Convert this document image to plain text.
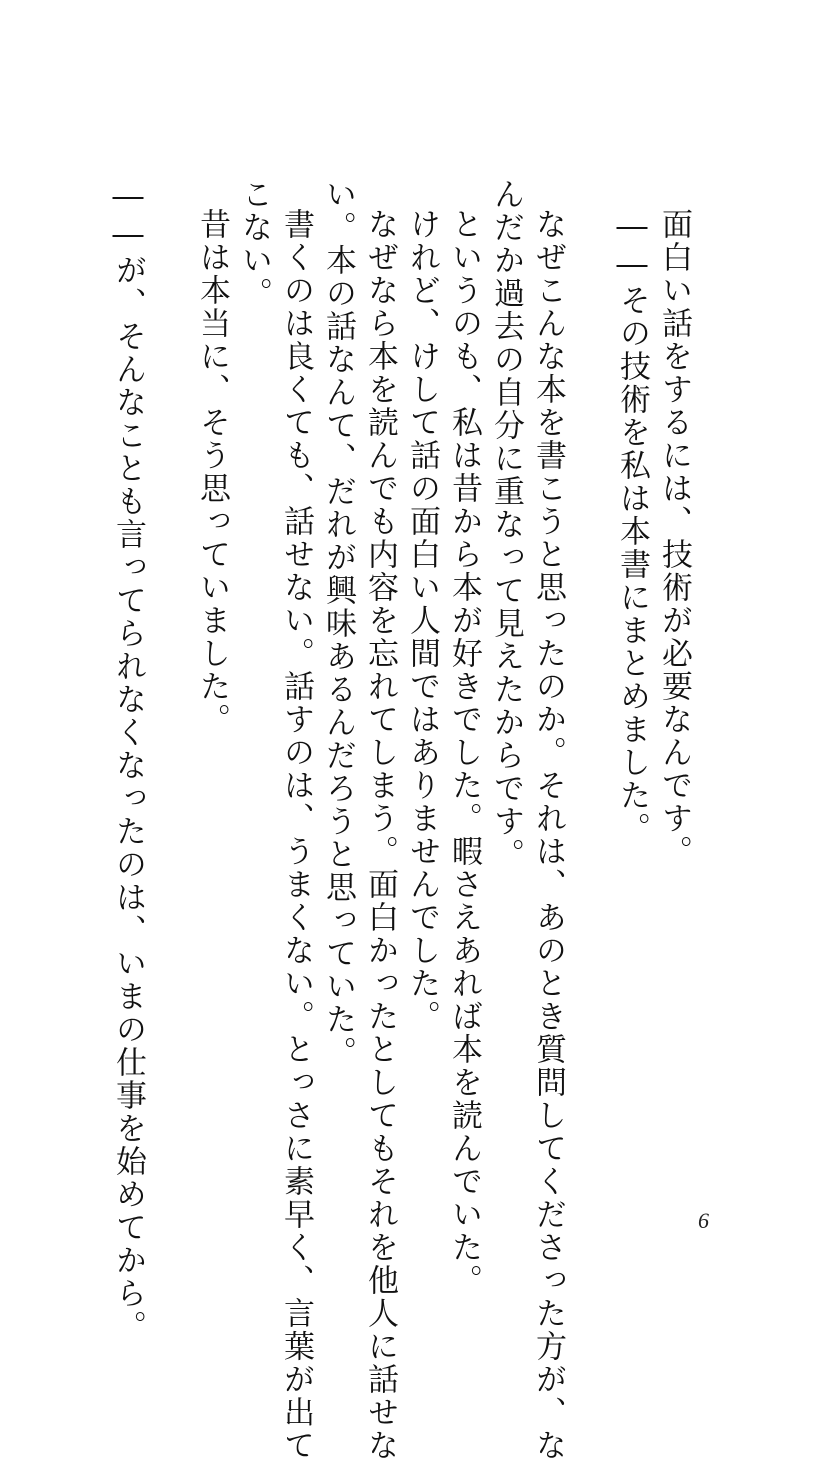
面白い話をするには、技術が必要なんです。
――その技術を私は本書にまとめました。
なぜこんな本を書こうと思ったのか。それは、あのとき質問してくださった方が、な
んだか過去の自分に重なって見えたからです。
というのも、私は昔から本が好きでした。暇さえあれば本を読んでいた。
けれど、けして話の面白い人間ではありませんでした。
なぜなら本を読んでも内容を忘れてしまう。面白かったとしてもそれを他人に話せな
い。本の話なんて、だれが興味あるんだろうと思っていた。
書くのは良くても、話せない。話すのは、うまくない。とっさに素早く、言葉が出て
こない。
昔は本当に、そう思っていました。
――が、そんなことも言ってられなくなったのは、いまの仕事を始めてから。	6
